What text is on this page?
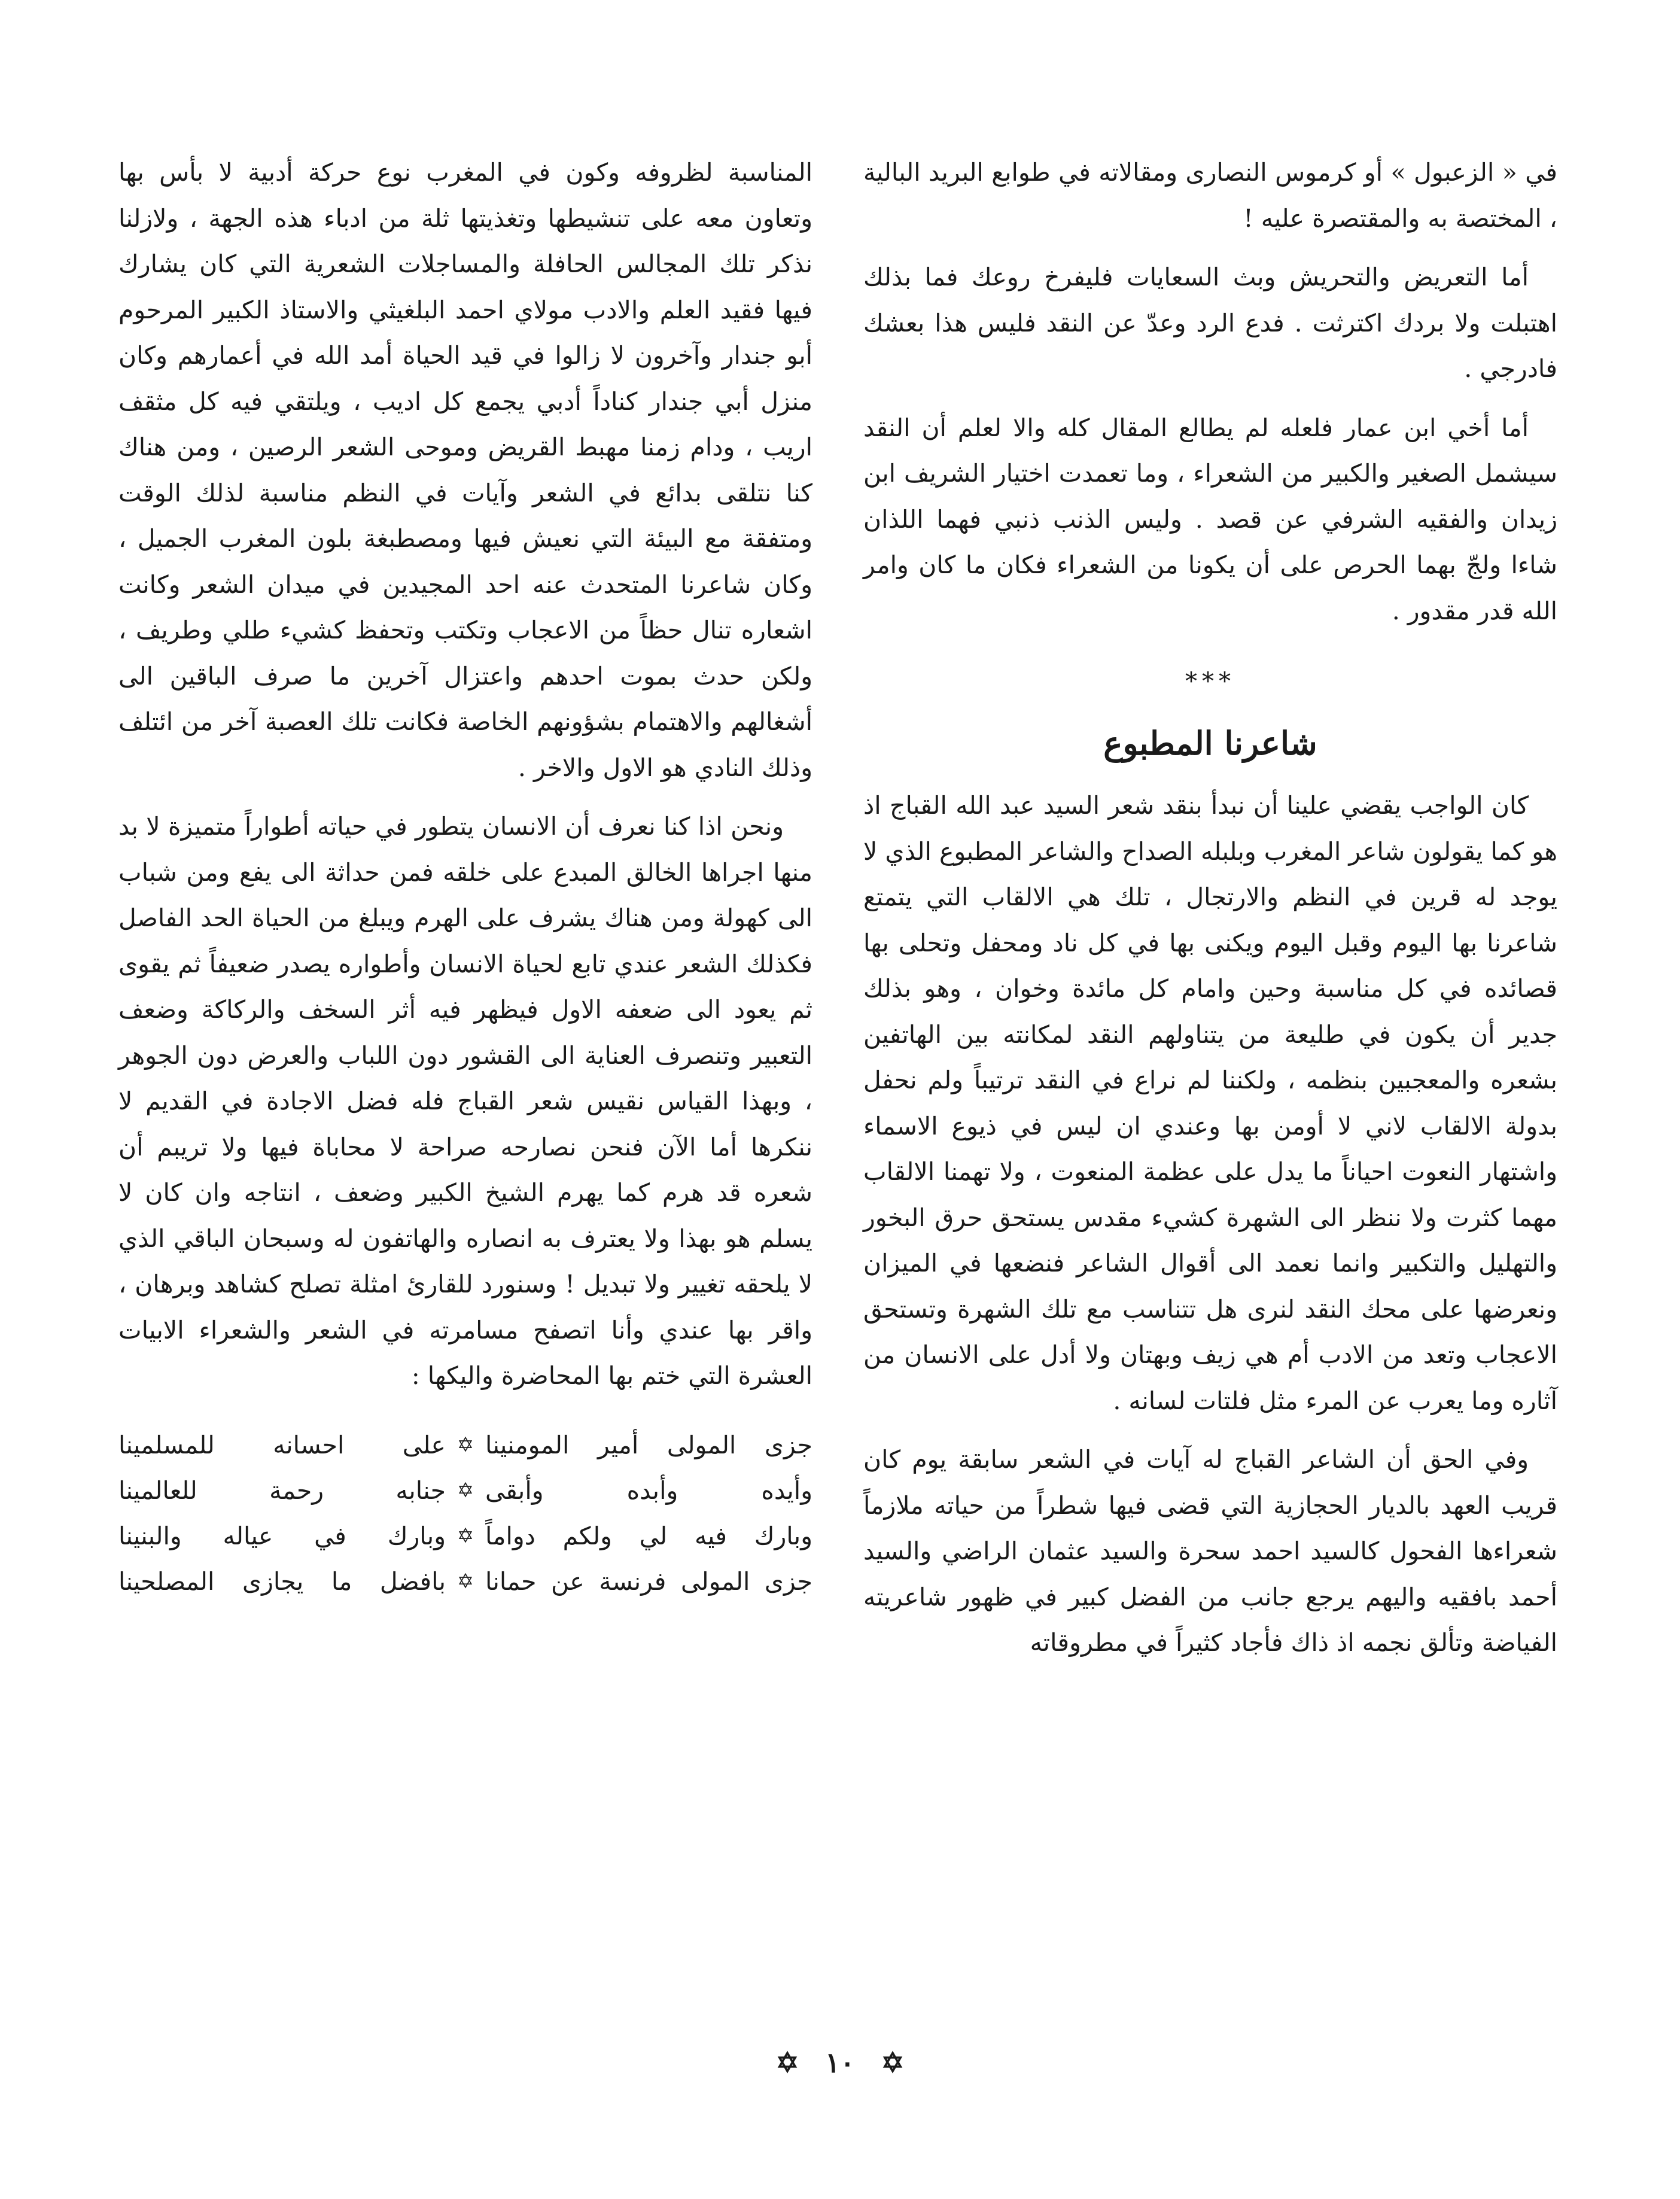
في « الزعبول » أو كرموس النصارى ومقالاته في طوابع البريد البالية ، المختصة به والمقتصرة عليه !

أما التعريض والتحريش وبث السعايات فليفرخ روعك فما بذلك اهتبلت ولا بردك اكترثت . فدع الرد وعدّ عن النقد فليس هذا بعشك فادرجي .

أما أخي ابن عمار فلعله لم يطالع المقال كله والا لعلم أن النقد سيشمل الصغير والكبير من الشعراء ، وما تعمدت اختيار الشريف ابن زيدان والفقيه الشرفي عن قصد . وليس الذنب ذنبي فهما اللذان شاءا ولجّ بهما الحرص على أن يكونا من الشعراء فكان ما كان وامر الله قدر مقدور .

***

شاعرنا المطبوع

كان الواجب يقضي علينا أن نبدأ بنقد شعر السيد عبد الله القباج اذ هو كما يقولون شاعر المغرب وبلبله الصداح والشاعر المطبوع الذي لا يوجد له قرين في النظم والارتجال ، تلك هي الالقاب التي يتمتع شاعرنا بها اليوم وقبل اليوم ويكنى بها في كل ناد ومحفل وتحلى بها قصائده في كل مناسبة وحين وامام كل مائدة وخوان ، وهو بذلك جدير أن يكون في طليعة من يتناولهم النقد لمكانته بين الهاتفين بشعره والمعجبين بنظمه ، ولكننا لم نراع في النقد ترتيباً ولم نحفل بدولة الالقاب لاني لا أومن بها وعندي ان ليس في ذيوع الاسماء واشتهار النعوت احياناً ما يدل على عظمة المنعوت ، ولا تهمنا الالقاب مهما كثرت ولا ننظر الى الشهرة كشيء مقدس يستحق حرق البخور والتهليل والتكبير وانما نعمد الى أقوال الشاعر فنضعها في الميزان ونعرضها على محك النقد لنرى هل تتناسب مع تلك الشهرة وتستحق الاعجاب وتعد من الادب أم هي زيف وبهتان ولا أدل على الانسان من آثاره وما يعرب عن المرء مثل فلتات لسانه .

وفي الحق أن الشاعر القباج له آيات في الشعر سابقة يوم كان قريب العهد بالديار الحجازية التي قضى فيها شطراً من حياته ملازماً شعراءها الفحول كالسيد احمد سحرة والسيد عثمان الراضي والسيد أحمد بافقيه واليهم يرجع جانب من الفضل كبير في ظهور شاعريته الفياضة وتألق نجمه اذ ذاك فأجاد كثيراً في مطروقاته

المناسبة لظروفه وكون في المغرب نوع حركة أدبية لا بأس بها وتعاون معه على تنشيطها وتغذيتها ثلة من ادباء هذه الجهة ، ولازلنا نذكر تلك المجالس الحافلة والمساجلات الشعرية التي كان يشارك فيها فقيد العلم والادب مولاي احمد البلغيثي والاستاذ الكبير المرحوم أبو جندار وآخرون لا زالوا في قيد الحياة أمد الله في أعمارهم وكان منزل أبي جندار كناداً أدبي يجمع كل اديب ، ويلتقي فيه كل مثقف اريب ، ودام زمنا مهبط القريض وموحى الشعر الرصين ، ومن هناك كنا نتلقى بدائع في الشعر وآيات في النظم مناسبة لذلك الوقت ومتفقة مع البيئة التي نعيش فيها ومصطبغة بلون المغرب الجميل ، وكان شاعرنا المتحدث عنه احد المجيدين في ميدان الشعر وكانت اشعاره تنال حظاً من الاعجاب وتكتب وتحفظ كشيء طلي وطريف ، ولكن حدث بموت احدهم واعتزال آخرين ما صرف الباقين الى أشغالهم والاهتمام بشؤونهم الخاصة فكانت تلك العصبة آخر من ائتلف وذلك النادي هو الاول والاخر .

ونحن اذا كنا نعرف أن الانسان يتطور في حياته أطواراً متميزة لا بد منها اجراها الخالق المبدع على خلقه فمن حداثة الى يفع ومن شباب الى كهولة ومن هناك يشرف على الهرم ويبلغ من الحياة الحد الفاصل فكذلك الشعر عندي تابع لحياة الانسان وأطواره يصدر ضعيفاً ثم يقوى ثم يعود الى ضعفه الاول فيظهر فيه أثر السخف والركاكة وضعف التعبير وتنصرف العناية الى القشور دون اللباب والعرض دون الجوهر ، وبهذا القياس نقيس شعر القباج فله فضل الاجادة في القديم لا ننكرها أما الآن فنحن نصارحه صراحة لا محاباة فيها ولا تريبم أن شعره قد هرم كما يهرم الشيخ الكبير وضعف ، انتاجه وان كان لا يسلم هو بهذا ولا يعترف به انصاره والهاتفون له وسبحان الباقي الذي لا يلحقه تغيير ولا تبديل ! وسنورد للقارئ امثلة تصلح كشاهد وبرهان ، واقر بها عندي وأنا اتصفح مسامرته في الشعر والشعراء الابيات العشرة التي ختم بها المحاضرة واليكها :

جزى المولى أمير المومنينا
✡
على احسانه للمسلمينا
وأيده وأبده وأبقى
✡
جنابه رحمة للعالمينا
وبارك فيه لي ولكم دواماً
✡
وبارك في عياله والبنينا
جزى المولى فرنسة عن حمانا
✡
بافضل ما يجازى المصلحينا
✡ ١٠ ✡
